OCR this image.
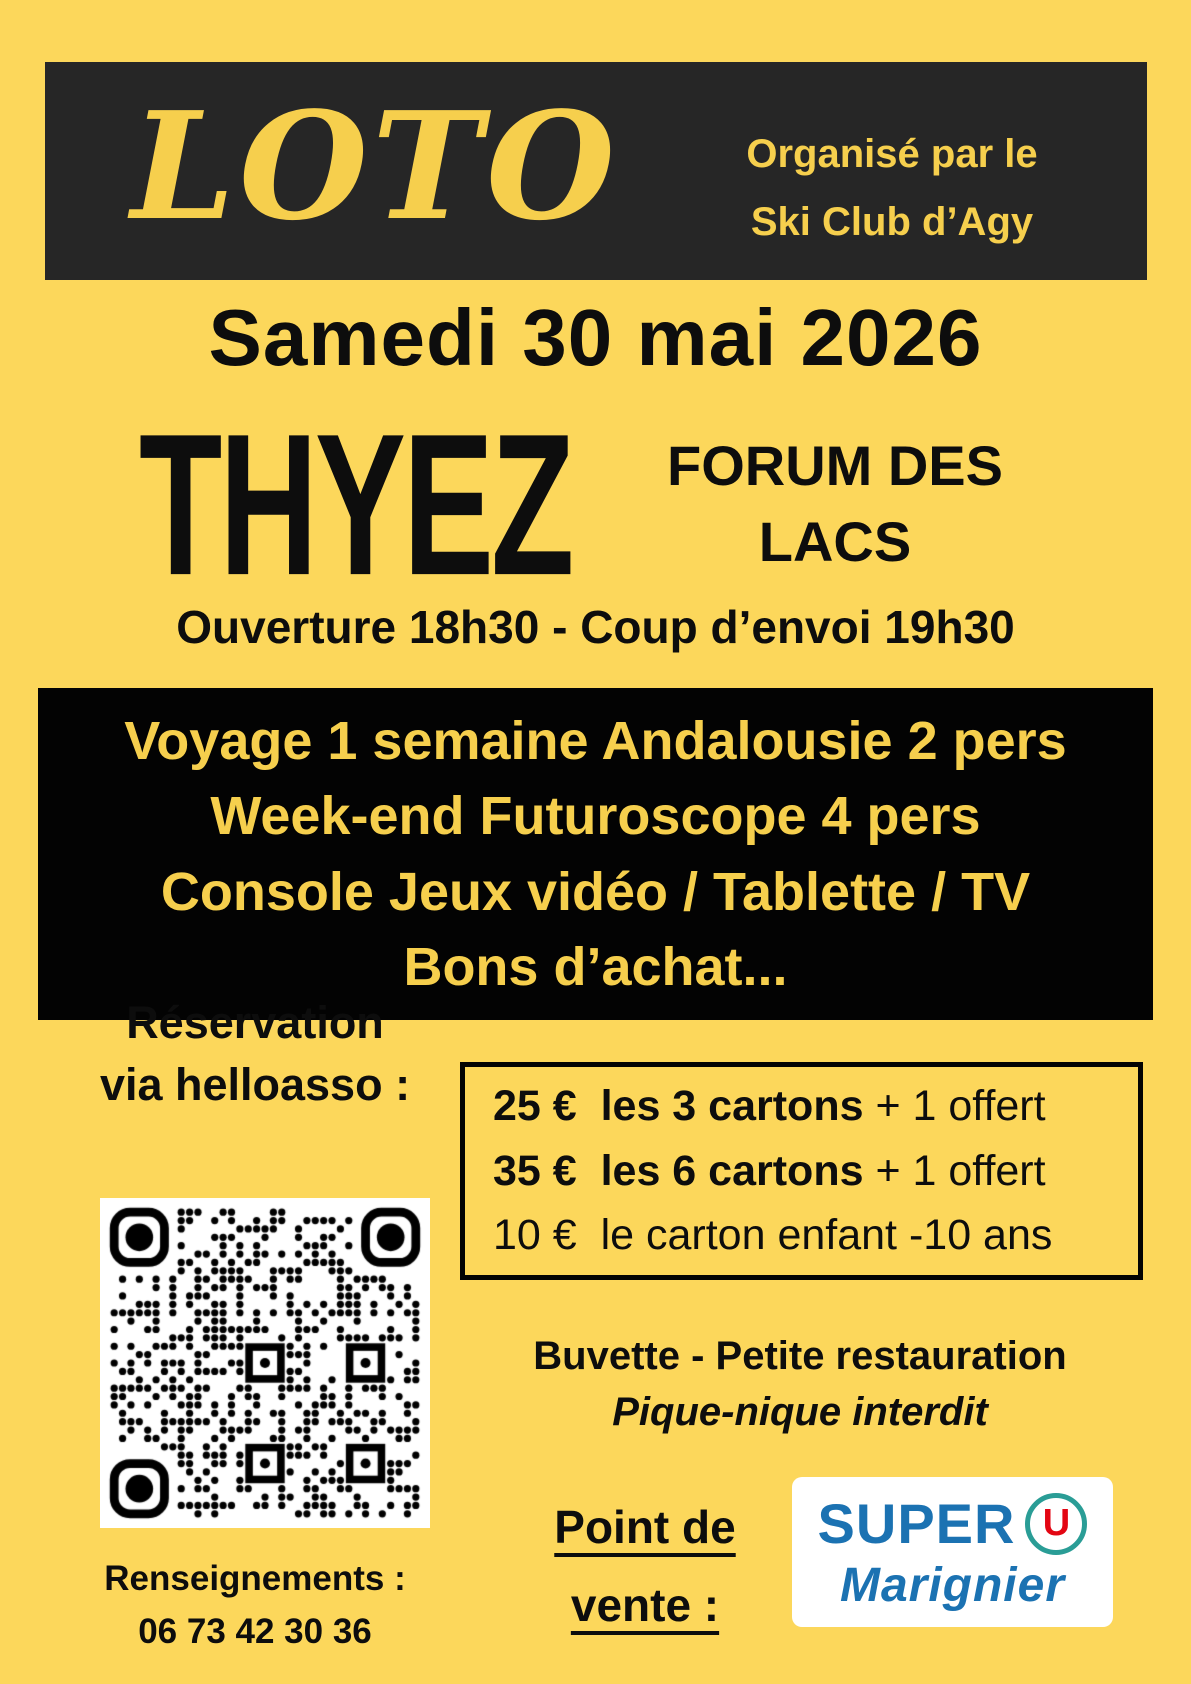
LOTO	Organisé par le
Ski Club d’Agy
Samedi 30 mai 2026
THYEZ	FORUM DES
LACS
Ouverture 18h30 - Coup d’envoi 19h30
Voyage 1 semaine Andalousie 2 pers
Week-end Futuroscope 4 pers
Console Jeux vidéo / Tablette / TV
Bons d’achat...
Réservation
via helloasso :
Renseignements :
06 73 42 30 36
25 €  les 3 cartons + 1 offert
35 €  les 6 cartons + 1 offert
10 €  le carton enfant -10 ans
Buvette - Petite restauration
Pique-nique interdit
Point de
vente :
SUPER U
Marignier
